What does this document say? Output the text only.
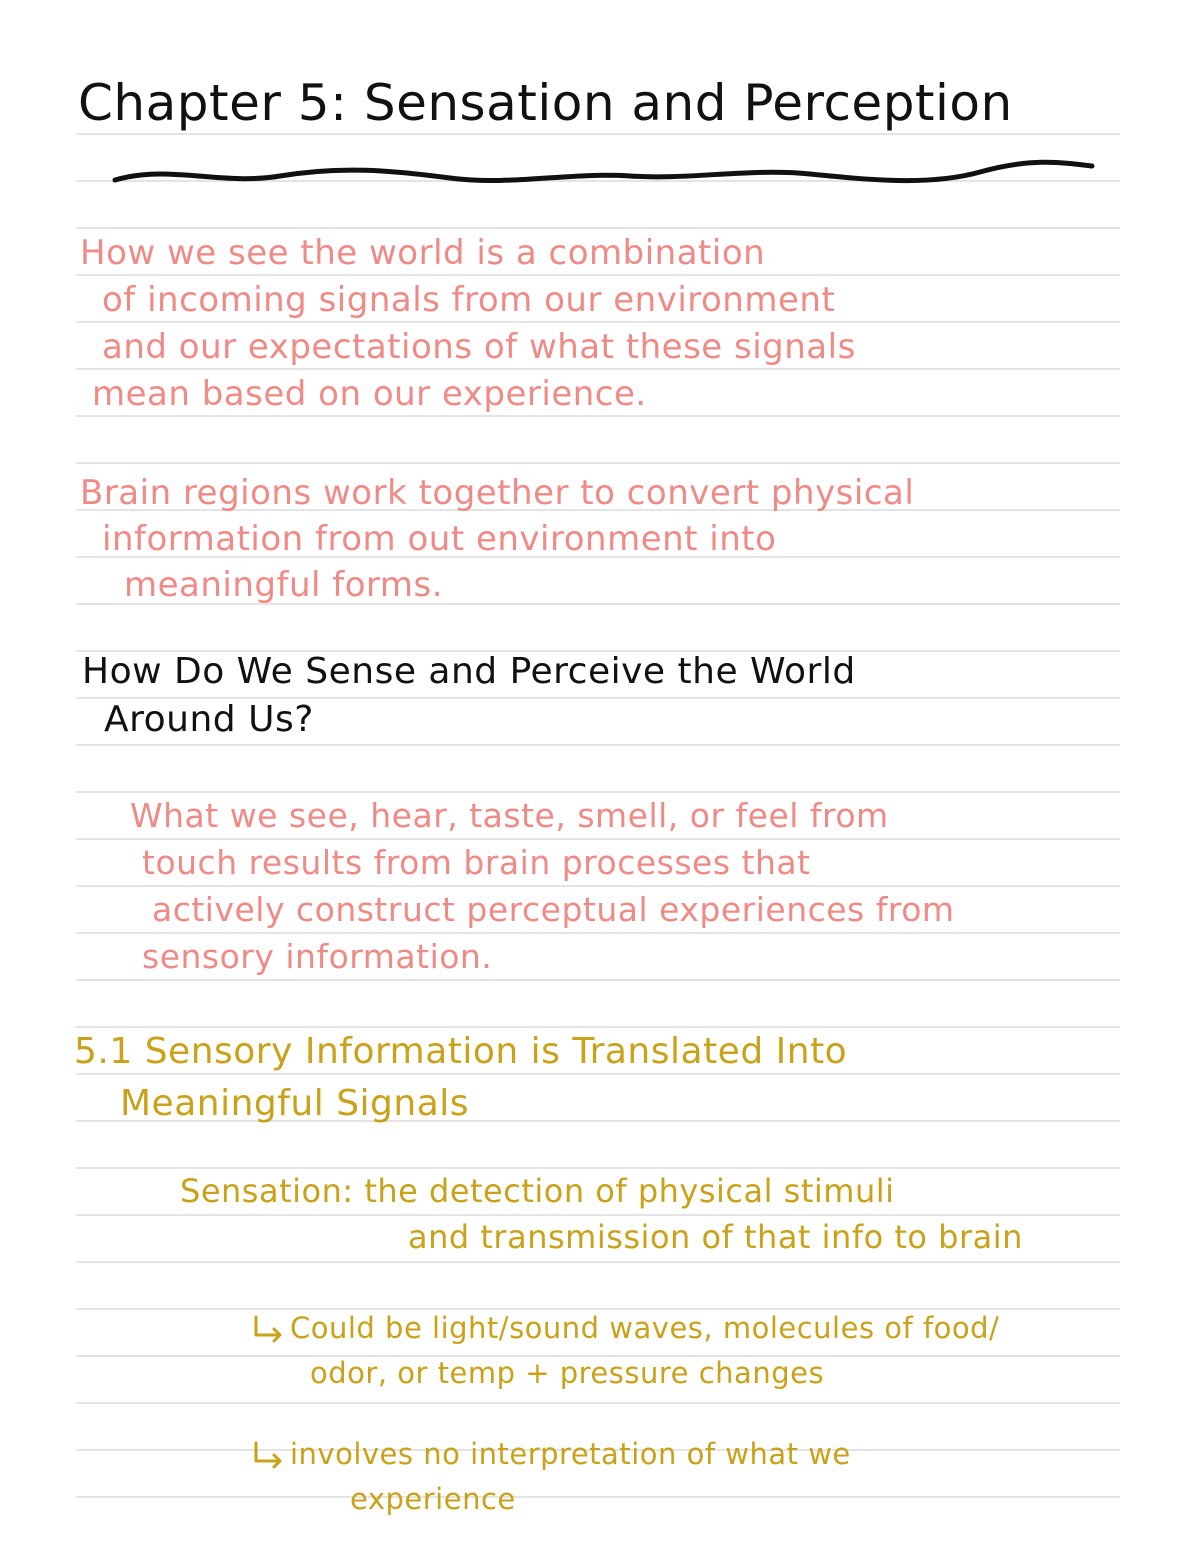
Chapter 5: Sensation and Perception
How we see the world is a combination
of incoming signals from our environment
and our expectations of what these signals
mean based on our experience.
Brain regions work together to convert physical
information from out environment into
meaningful forms.
How Do We Sense and Perceive the World
Around Us?
What we see, hear, taste, smell, or feel from
touch results from brain processes that
actively construct perceptual experiences from
sensory information.
5.1 Sensory Information is Translated Into
Meaningful Signals
Sensation: the detection of physical stimuli
and transmission of that info to brain
Could be light/sound waves, molecules of food/
odor, or temp + pressure changes
involves no interpretation of what we
experience
